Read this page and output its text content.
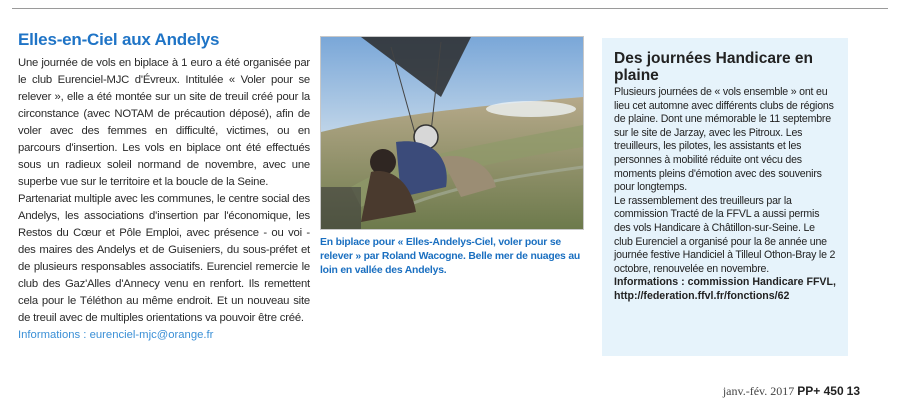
Elles-en-Ciel aux Andelys

Une journée de vols en biplace à 1 euro a été organisée par le club Eurenciel-MJC d'Évreux. Intitulée « Voler pour se relever », elle a été montée sur un site de treuil créé pour la circonstance (avec NOTAM de précaution déposé), afin de voler avec des femmes en difficulté, victimes, ou en parcours d'insertion. Les vols en biplace ont été effectués sous un radieux soleil normand de novembre, avec une superbe vue sur le territoire et la boucle de la Seine.

Partenariat multiple avec les communes, le centre social des Andelys, les associations d'insertion par l'économique, les Restos du Cœur et Pôle Emploi, avec présence - ou voi - des maires des Andelys et de Guiseniers, du sous-préfet et de plusieurs responsables associatifs. Eurenciel remercie le club des Gaz'Alles d'Annecy venu en renfort. Ils remettent cela pour le Téléthon au même endroit. Et un nouveau site de treuil avec de multiples orientations va pouvoir être créé.

Informations : eurenciel-mjc@orange.fr

En biplace pour « Elles-Andelys-Ciel, voler pour se relever » par Roland Wacogne. Belle mer de nuages au loin en vallée des Andelys.
Des journées Handicare en plaine

Plusieurs journées de « vols ensemble » ont eu lieu cet automne avec différents clubs de régions de plaine. Dont une mémorable le 11 septembre sur le site de Jarzay, avec les Pitroux. Les treuilleurs, les pilotes, les assistants et les personnes à mobilité réduite ont vécu des moments pleins d'émotion avec des souvenirs pour longtemps.

Le rassemblement des treuilleurs par la commission Tracté de la FFVL a aussi permis des vols Handicare à Châtillon-sur-Seine. Le club Eurenciel a organisé pour la 8e année une journée festive Handiciel à Tilleul Othon-Bray le 2 octobre, renouvelée en novembre.

Informations : commission Handicare FFVL, http://federation.ffvl.fr/fonctions/62

janv.-fév. 2017 PP+ 450 13
